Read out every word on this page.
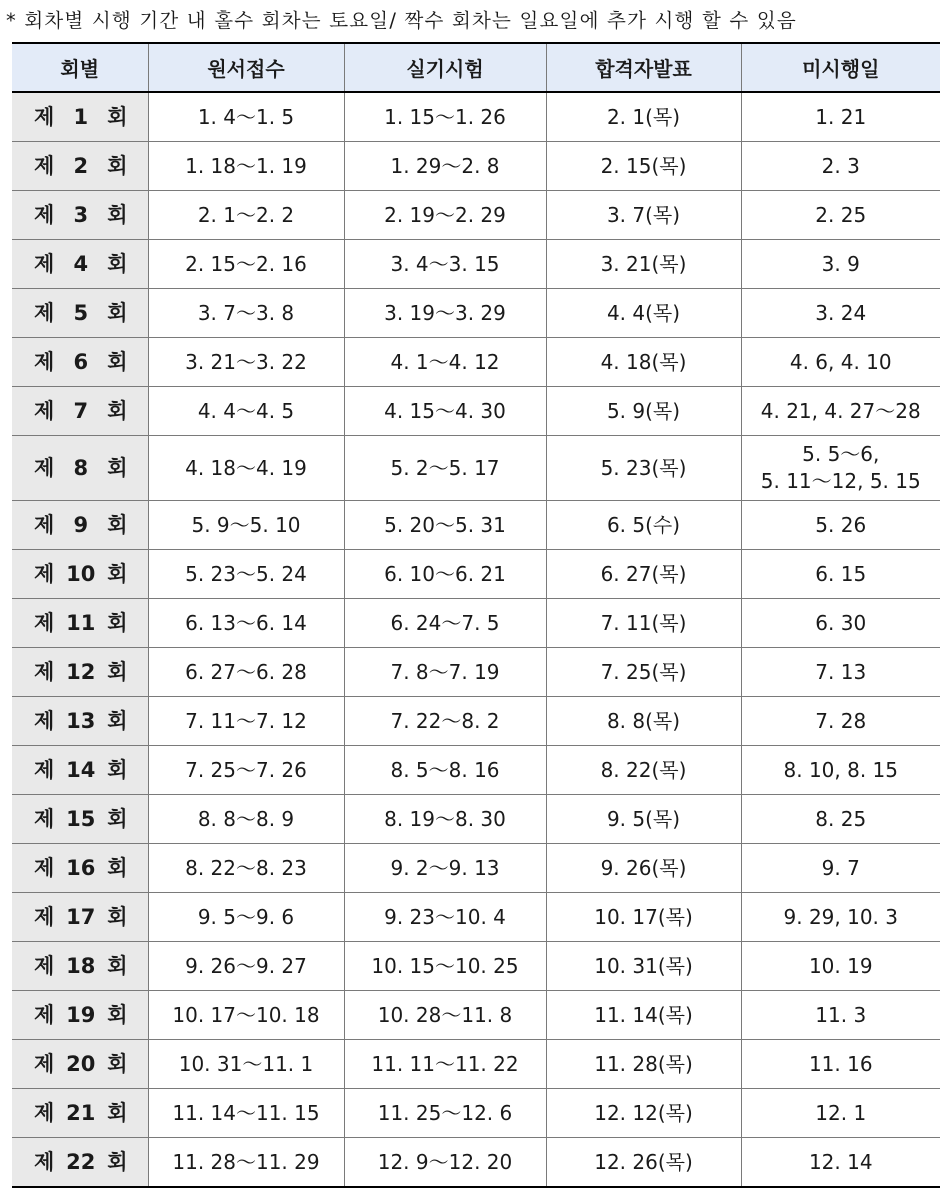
* 회차별 시행 기간 내 홀수 회차는 토요일/ 짝수 회차는 일요일에 추가 시행 할 수 있음
회별	원서접수	실기시험	합격자발표	미시행일

제 1 회	1. 4～1. 5	1. 15～1. 26	2. 1(목)	1. 21

제 2 회	1. 18～1. 19	1. 29～2. 8	2. 15(목)	2. 3

제 3 회	2. 1～2. 2	2. 19～2. 29	3. 7(목)	2. 25

제 4 회	2. 15～2. 16	3. 4～3. 15	3. 21(목)	3. 9

제 5 회	3. 7～3. 8	3. 19～3. 29	4. 4(목)	3. 24

제 6 회	3. 21～3. 22	4. 1～4. 12	4. 18(목)	4. 6, 4. 10

제 7 회	4. 4～4. 5	4. 15～4. 30	5. 9(목)	4. 21, 4. 27～28

제 8 회	4. 18～4. 19	5. 2～5. 17	5. 23(목)	5. 5～6,
5. 11～12, 5. 15

제 9 회	5. 9～5. 10	5. 20～5. 31	6. 5(수)	5. 26

제 10 회	5. 23～5. 24	6. 10～6. 21	6. 27(목)	6. 15

제 11 회	6. 13～6. 14	6. 24～7. 5	7. 11(목)	6. 30

제 12 회	6. 27～6. 28	7. 8～7. 19	7. 25(목)	7. 13

제 13 회	7. 11～7. 12	7. 22～8. 2	8. 8(목)	7. 28

제 14 회	7. 25～7. 26	8. 5～8. 16	8. 22(목)	8. 10, 8. 15

제 15 회	8. 8～8. 9	8. 19～8. 30	9. 5(목)	8. 25

제 16 회	8. 22～8. 23	9. 2～9. 13	9. 26(목)	9. 7

제 17 회	9. 5～9. 6	9. 23～10. 4	10. 17(목)	9. 29, 10. 3

제 18 회	9. 26～9. 27	10. 15～10. 25	10. 31(목)	10. 19

제 19 회	10. 17～10. 18	10. 28～11. 8	11. 14(목)	11. 3

제 20 회	10. 31～11. 1	11. 11～11. 22	11. 28(목)	11. 16

제 21 회	11. 14～11. 15	11. 25～12. 6	12. 12(목)	12. 1

제 22 회	11. 28～11. 29	12. 9～12. 20	12. 26(목)	12. 14
